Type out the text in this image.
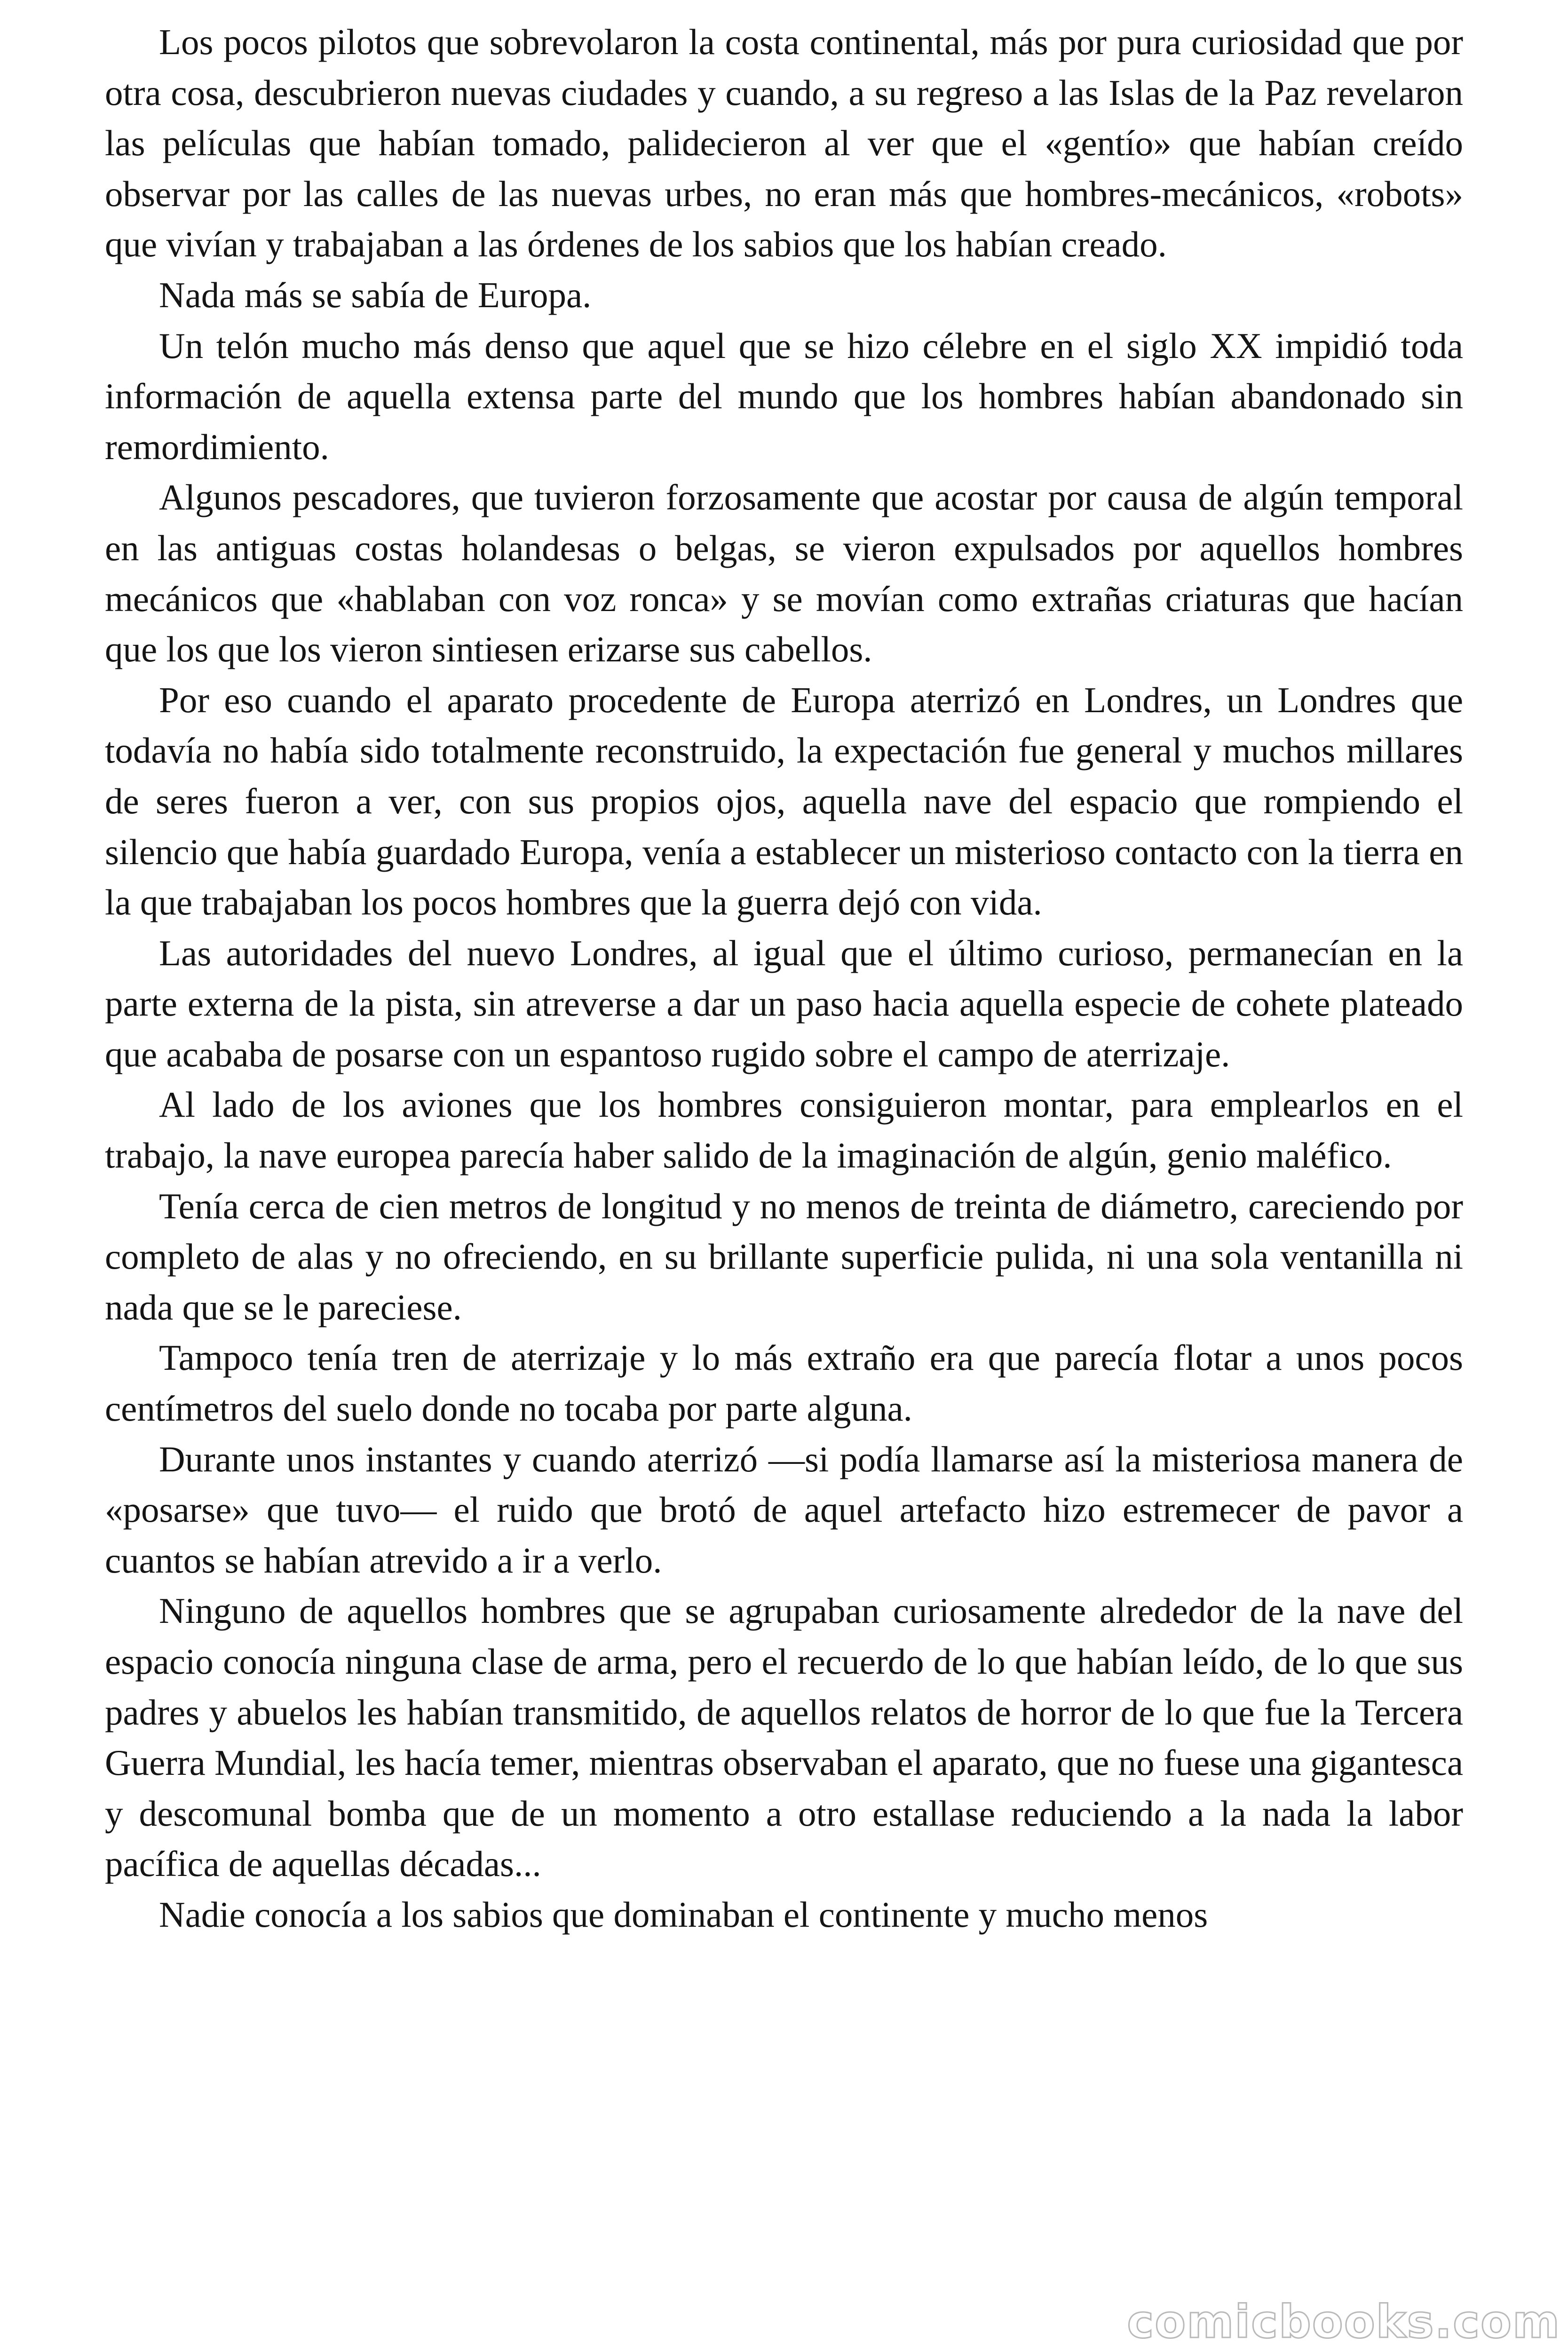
Los pocos pilotos que sobrevolaron la costa continental, más por pura curiosidad que por otra cosa, descubrieron nuevas ciudades y cuando, a su regreso a las Islas de la Paz revelaron las películas que habían tomado, palidecieron al ver que el «gentío» que habían creído observar por las calles de las nuevas urbes, no eran más que hombres-mecánicos, «robots» que vivían y trabajaban a las órdenes de los sabios que los habían creado.

Nada más se sabía de Europa.

Un telón mucho más denso que aquel que se hizo célebre en el siglo XX impidió toda información de aquella extensa parte del mundo que los hombres habían abandonado sin remordimiento.

Algunos pescadores, que tuvieron forzosamente que acostar por causa de algún temporal en las antiguas costas holandesas o belgas, se vieron expulsados por aquellos hombres mecánicos que «hablaban con voz ronca» y se movían como extrañas criaturas que hacían que los que los vieron sintiesen erizarse sus cabellos.

Por eso cuando el aparato procedente de Europa aterrizó en Londres, un Londres que todavía no había sido totalmente reconstruido, la expectación fue general y muchos millares de seres fueron a ver, con sus propios ojos, aquella nave del espacio que rompiendo el silencio que había guardado Europa, venía a establecer un misterioso contacto con la tierra en la que trabajaban los pocos hombres que la guerra dejó con vida.

Las autoridades del nuevo Londres, al igual que el último curioso, permanecían en la parte externa de la pista, sin atreverse a dar un paso hacia aquella especie de cohete plateado que acababa de posarse con un espantoso rugido sobre el campo de aterrizaje.

Al lado de los aviones que los hombres consiguieron montar, para emplearlos en el trabajo, la nave europea parecía haber salido de la imaginación de algún, genio maléfico.

Tenía cerca de cien metros de longitud y no menos de treinta de diámetro, careciendo por completo de alas y no ofreciendo, en su brillante superficie pulida, ni una sola ventanilla ni nada que se le pareciese.

Tampoco tenía tren de aterrizaje y lo más extraño era que parecía flotar a unos pocos centímetros del suelo donde no tocaba por parte alguna.

Durante unos instantes y cuando aterrizó —si podía llamarse así la misteriosa manera de «posarse» que tuvo— el ruido que brotó de aquel artefacto hizo estremecer de pavor a cuantos se habían atrevido a ir a verlo.

Ninguno de aquellos hombres que se agrupaban curiosamente alrededor de la nave del espacio conocía ninguna clase de arma, pero el recuerdo de lo que habían leído, de lo que sus padres y abuelos les habían transmitido, de aquellos relatos de horror de lo que fue la Tercera Guerra Mundial, les hacía temer, mientras observaban el aparato, que no fuese una gigantesca y descomunal bomba que de un momento a otro estallase reduciendo a la nada la labor pacífica de aquellas décadas...

Nadie conocía a los sabios que dominaban el continente y mucho menos

comicbooks.com
